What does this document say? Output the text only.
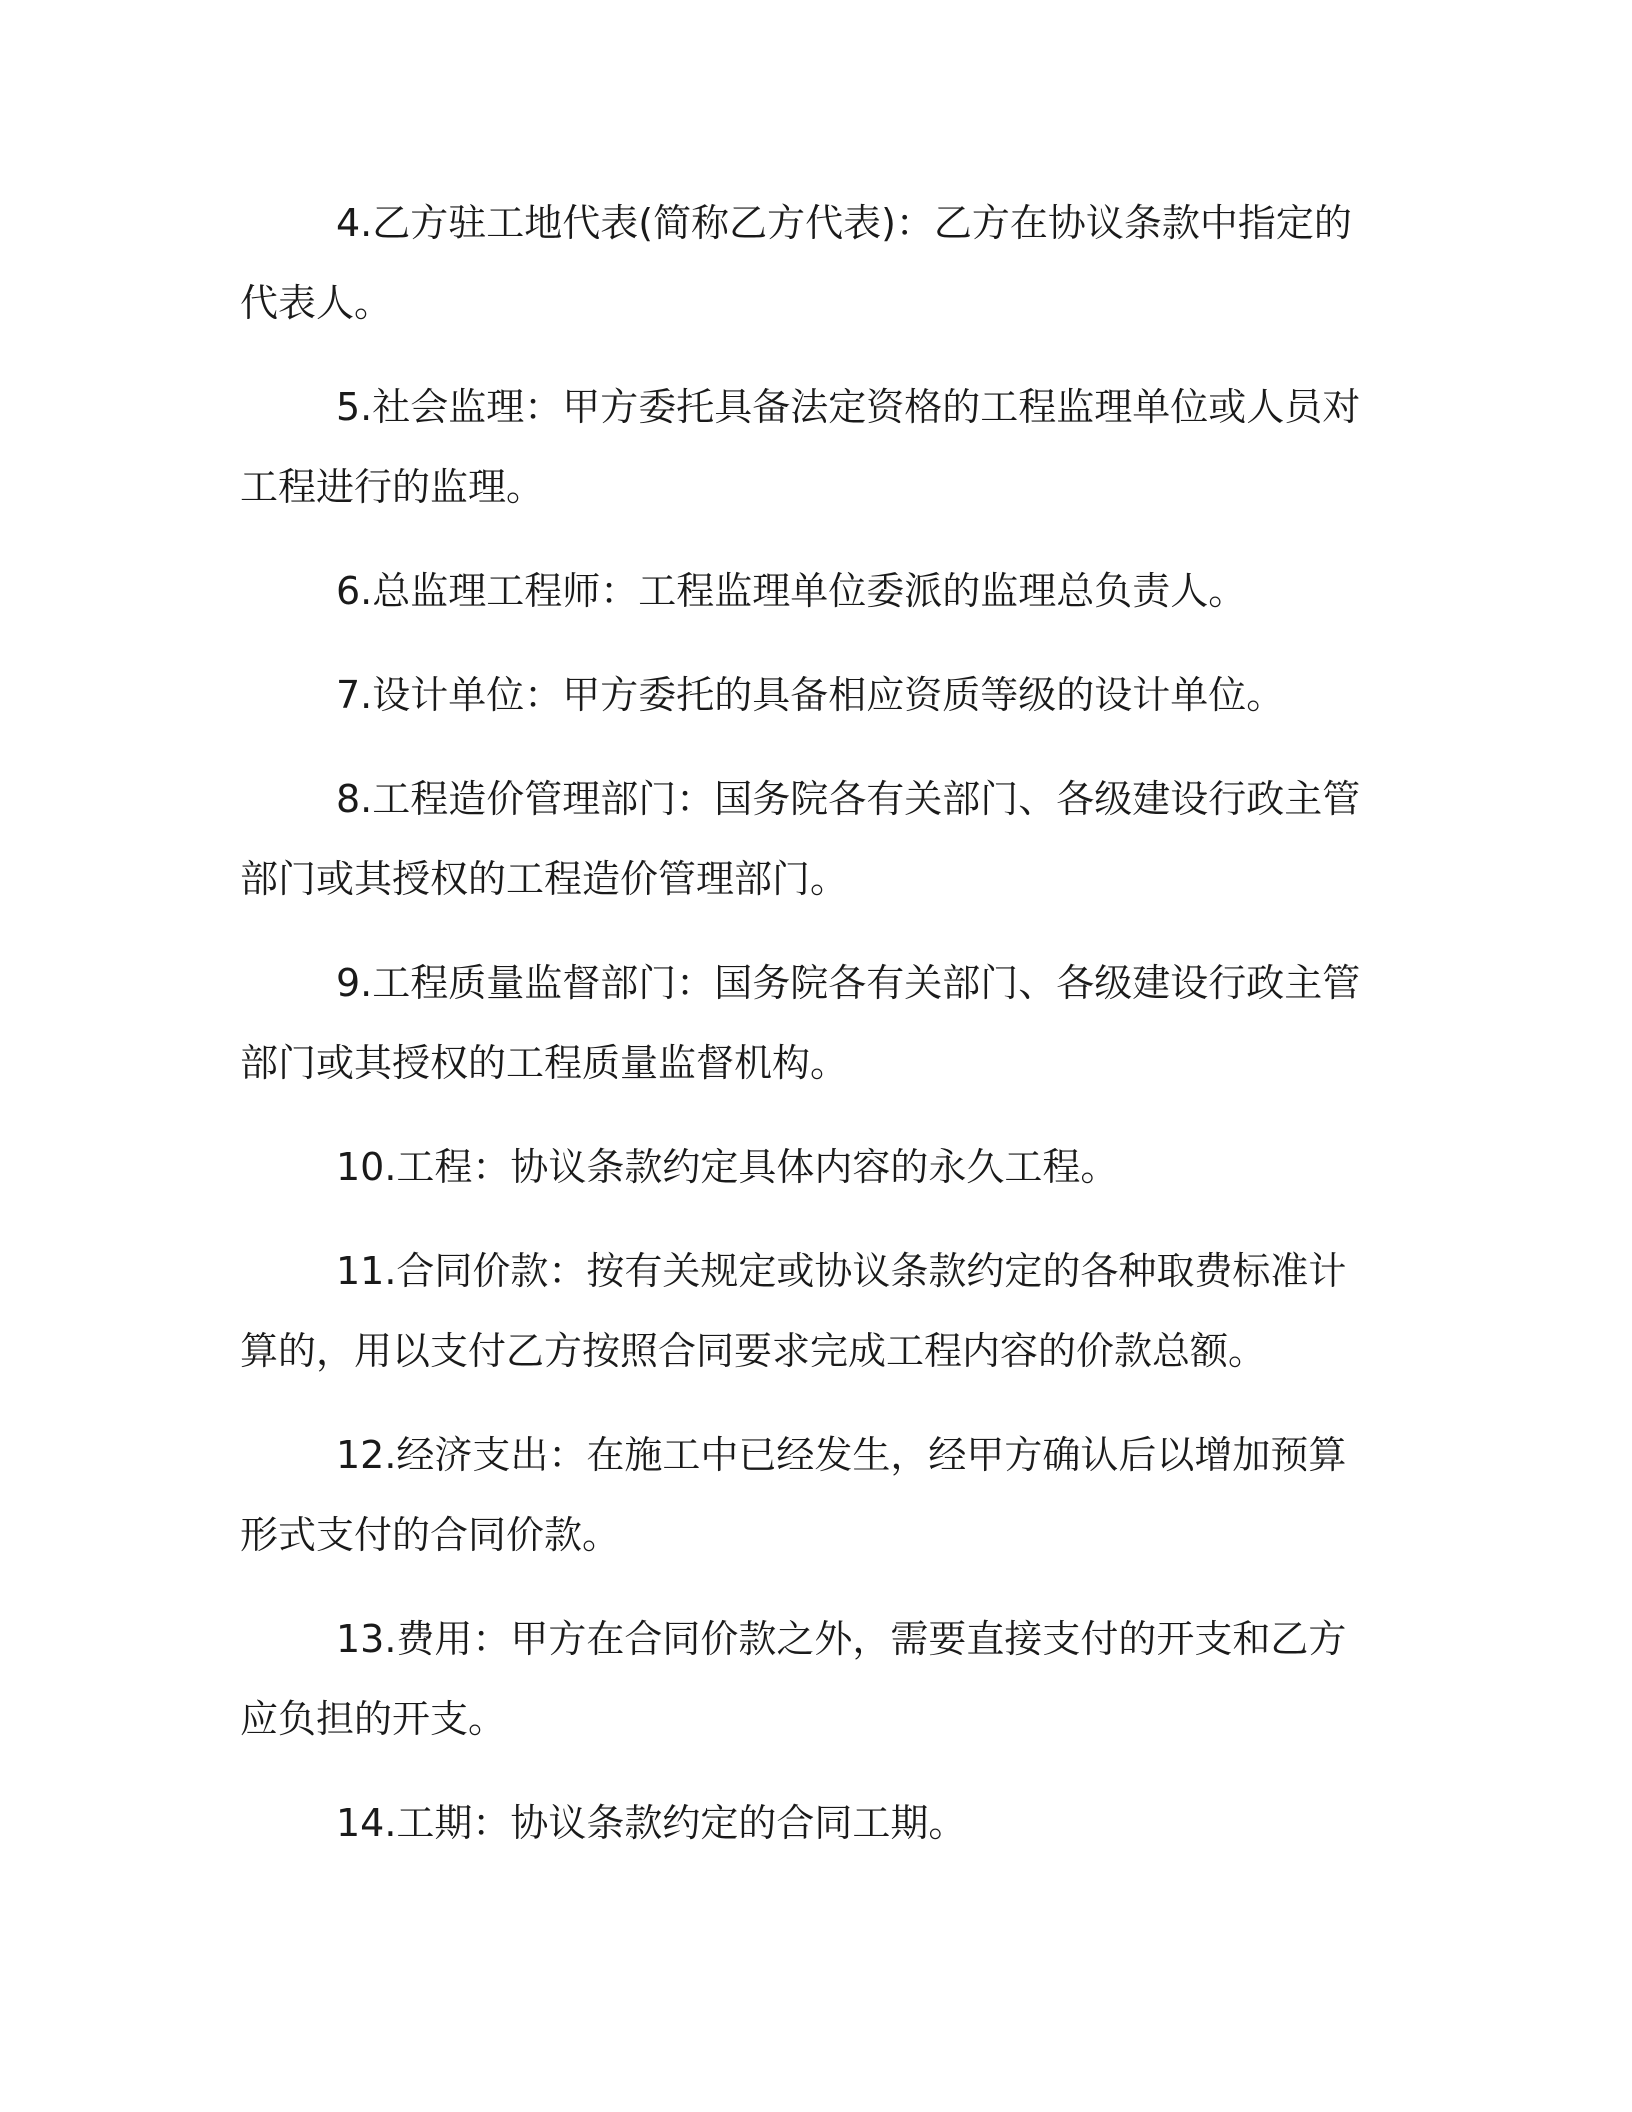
4.乙方驻工地代表(简称乙方代表)：乙方在协议条款中指定的代表人。

5.社会监理：甲方委托具备法定资格的工程监理单位或人员对工程进行的监理。

6.总监理工程师：工程监理单位委派的监理总负责人。

7.设计单位：甲方委托的具备相应资质等级的设计单位。

8.工程造价管理部门：国务院各有关部门、各级建设行政主管部门或其授权的工程造价管理部门。

9.工程质量监督部门：国务院各有关部门、各级建设行政主管部门或其授权的工程质量监督机构。

10.工程：协议条款约定具体内容的永久工程。

11.合同价款：按有关规定或协议条款约定的各种取费标准计算的，用以支付乙方按照合同要求完成工程内容的价款总额。

12.经济支出：在施工中已经发生，经甲方确认后以增加预算形式支付的合同价款。

13.费用：甲方在合同价款之外，需要直接支付的开支和乙方应负担的开支。

14.工期：协议条款约定的合同工期。
